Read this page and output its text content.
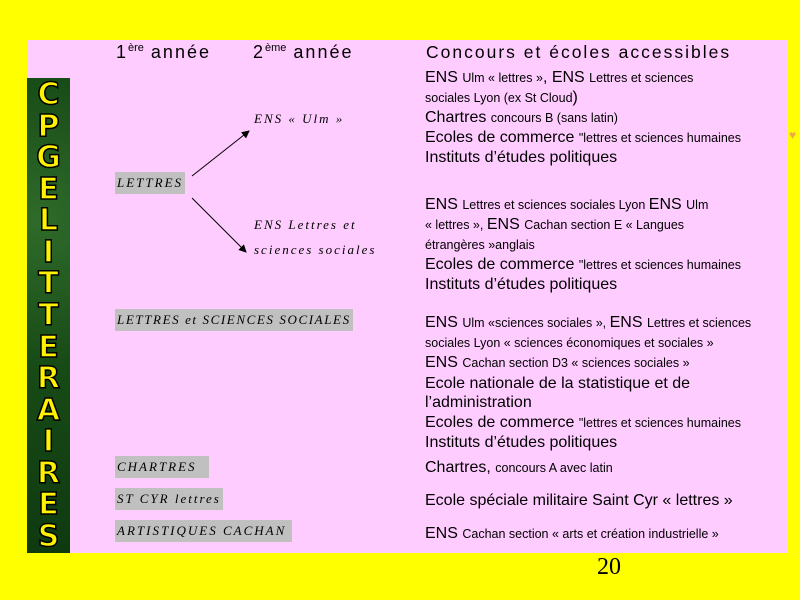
C
P
G
E
L
I
T
T
E
R
A
I
R
E
S
1ère année 2ème année	Concours et écoles accessibles
ENS « Ulm »
LETTRES
ENS Lettres et
sciences sociales
LETTRES et SCIENCES SOCIALES
CHARTRES
ST CYR lettres
ARTISTIQUES CACHAN

ENS Ulm « lettres », ENS Lettres et sciences

sociales Lyon (ex St Cloud)

Chartres concours B (sans latin)

Ecoles de commerce "lettres et sciences humaines

Instituts d’études politiques

ENS Lettres et sciences sociales Lyon ENS Ulm

« lettres », ENS Cachan section E « Langues

étrangères »anglais

Ecoles de commerce "lettres et sciences humaines

Instituts d’études politiques

ENS Ulm «sciences sociales », ENS Lettres et sciences

sociales Lyon « sciences économiques et sociales »

ENS Cachan section D3 « sciences sociales »

Ecole nationale de la statistique et de

l’administration

Ecoles de commerce "lettres et sciences humaines

Instituts d’études politiques

Chartres, concours A avec latin
Ecole spéciale militaire Saint Cyr « lettres »
ENS Cachan section « arts et création industrielle »
♥
20
